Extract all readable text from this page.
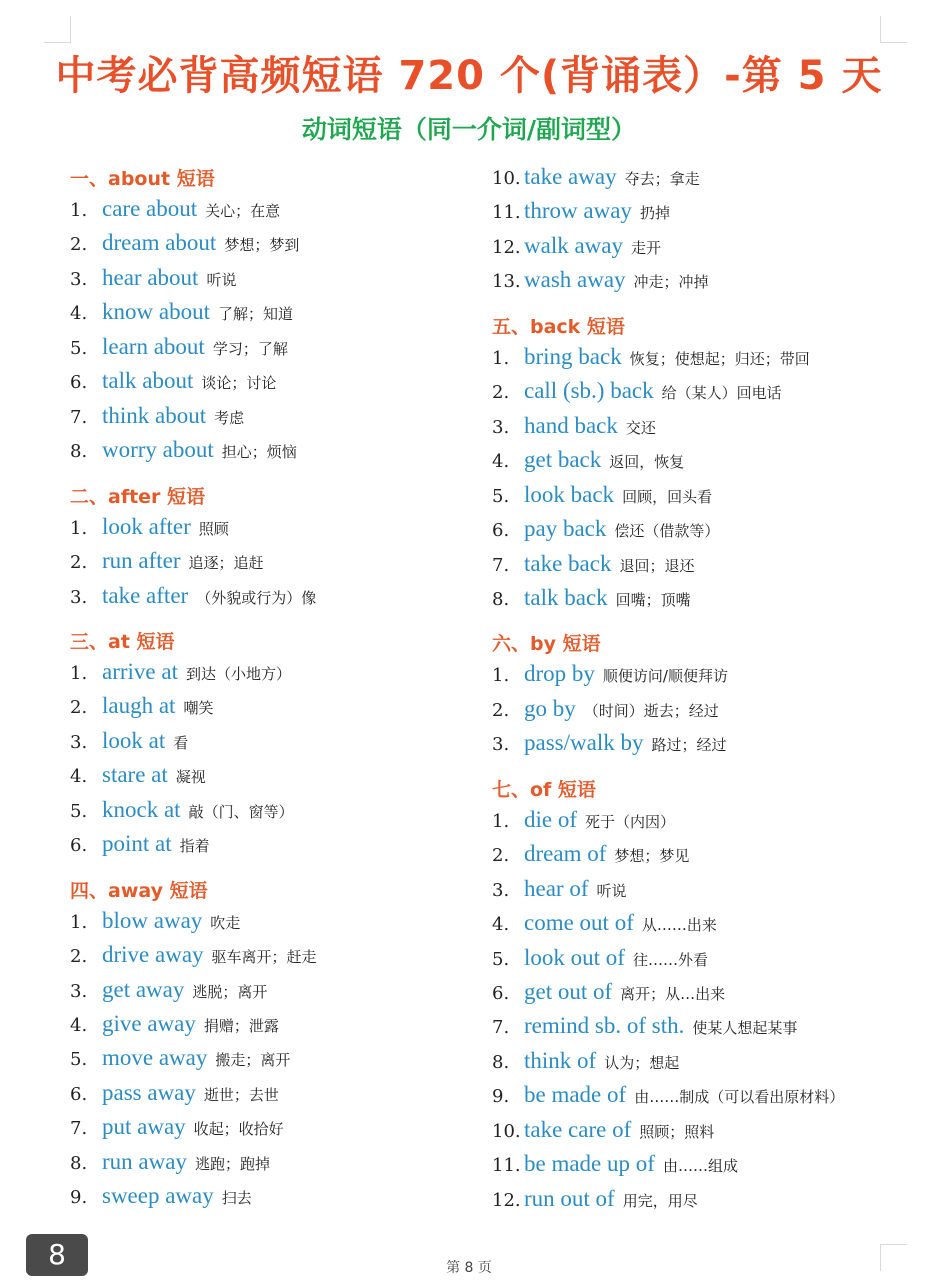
中考必背高频短语 720 个(背诵表）-第 5 天
动词短语（同一介词/副词型）
一、about 短语
1. care about 关心；在意
2. dream about 梦想；梦到
3. hear about 听说
4. know about 了解；知道
5. learn about 学习；了解
6. talk about 谈论；讨论
7. think about 考虑
8. worry about 担心；烦恼
二、after 短语
1. look after 照顾
2. run after 追逐；追赶
3. take after （外貌或行为）像
三、at 短语
1. arrive at 到达（小地方）
2. laugh at 嘲笑
3. look at 看
4. stare at 凝视
5. knock at 敲（门、窗等）
6. point at 指着
四、away 短语
1. blow away 吹走
2. drive away 驱车离开；赶走
3. get away 逃脱；离开
4. give away 捐赠；泄露
5. move away 搬走；离开
6. pass away 逝世；去世
7. put away 收起；收拾好
8. run away 逃跑；跑掉
9. sweep away 扫去
10. take away 夺去；拿走
11. throw away 扔掉
12. walk away 走开
13. wash away 冲走；冲掉
五、back 短语
1. bring back 恢复；使想起；归还；带回
2. call (sb.) back 给（某人）回电话
3. hand back 交还
4. get back 返回，恢复
5. look back 回顾，回头看
6. pay back 偿还（借款等）
7. take back 退回；退还
8. talk back 回嘴；顶嘴
六、by 短语
1. drop by 顺便访问/顺便拜访
2. go by （时间）逝去；经过
3. pass/walk by 路过；经过
七、of 短语
1. die of 死于（内因）
2. dream of 梦想；梦见
3. hear of 听说
4. come out of 从……出来
5. look out of 往……外看
6. get out of 离开；从…出来
7. remind sb. of sth. 使某人想起某事
8. think of 认为；想起
9. be made of 由……制成（可以看出原材料）
10. take care of 照顾；照料
11. be made up of 由……组成
12. run out of 用完，用尽
第 8 页
8
